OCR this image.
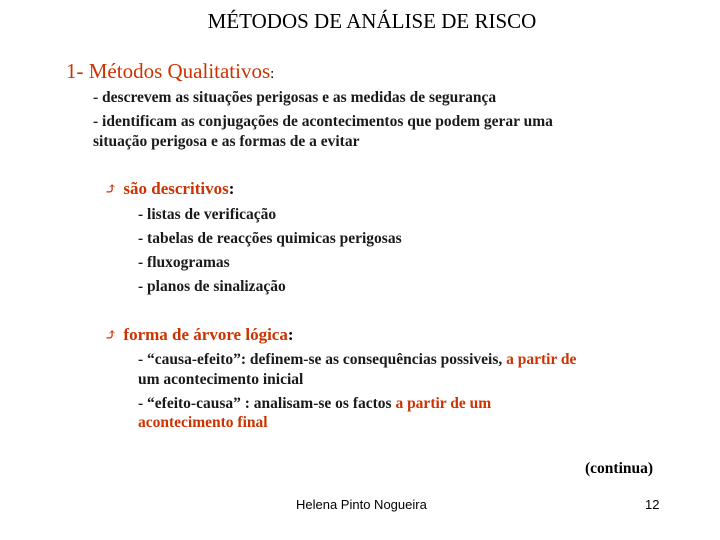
MÉTODOS DE ANÁLISE DE RISCO
1- Métodos Qualitativos:
- descrevem as situações perigosas e as medidas de segurança
- identificam as conjugações de acontecimentos que podem gerar uma
situação perigosa e as formas de a evitar
⤴ são descritivos:
- listas de verificação
- tabelas de reacções quimicas perigosas
- fluxogramas
- planos de sinalização
⤴ forma de árvore lógica:
- “causa-efeito”: definem-se as consequências possiveis, a partir de
um acontecimento inicial
- “efeito-causa” : analisam-se os factos a partir de um
acontecimento final
(continua)
Helena Pinto Nogueira	12
